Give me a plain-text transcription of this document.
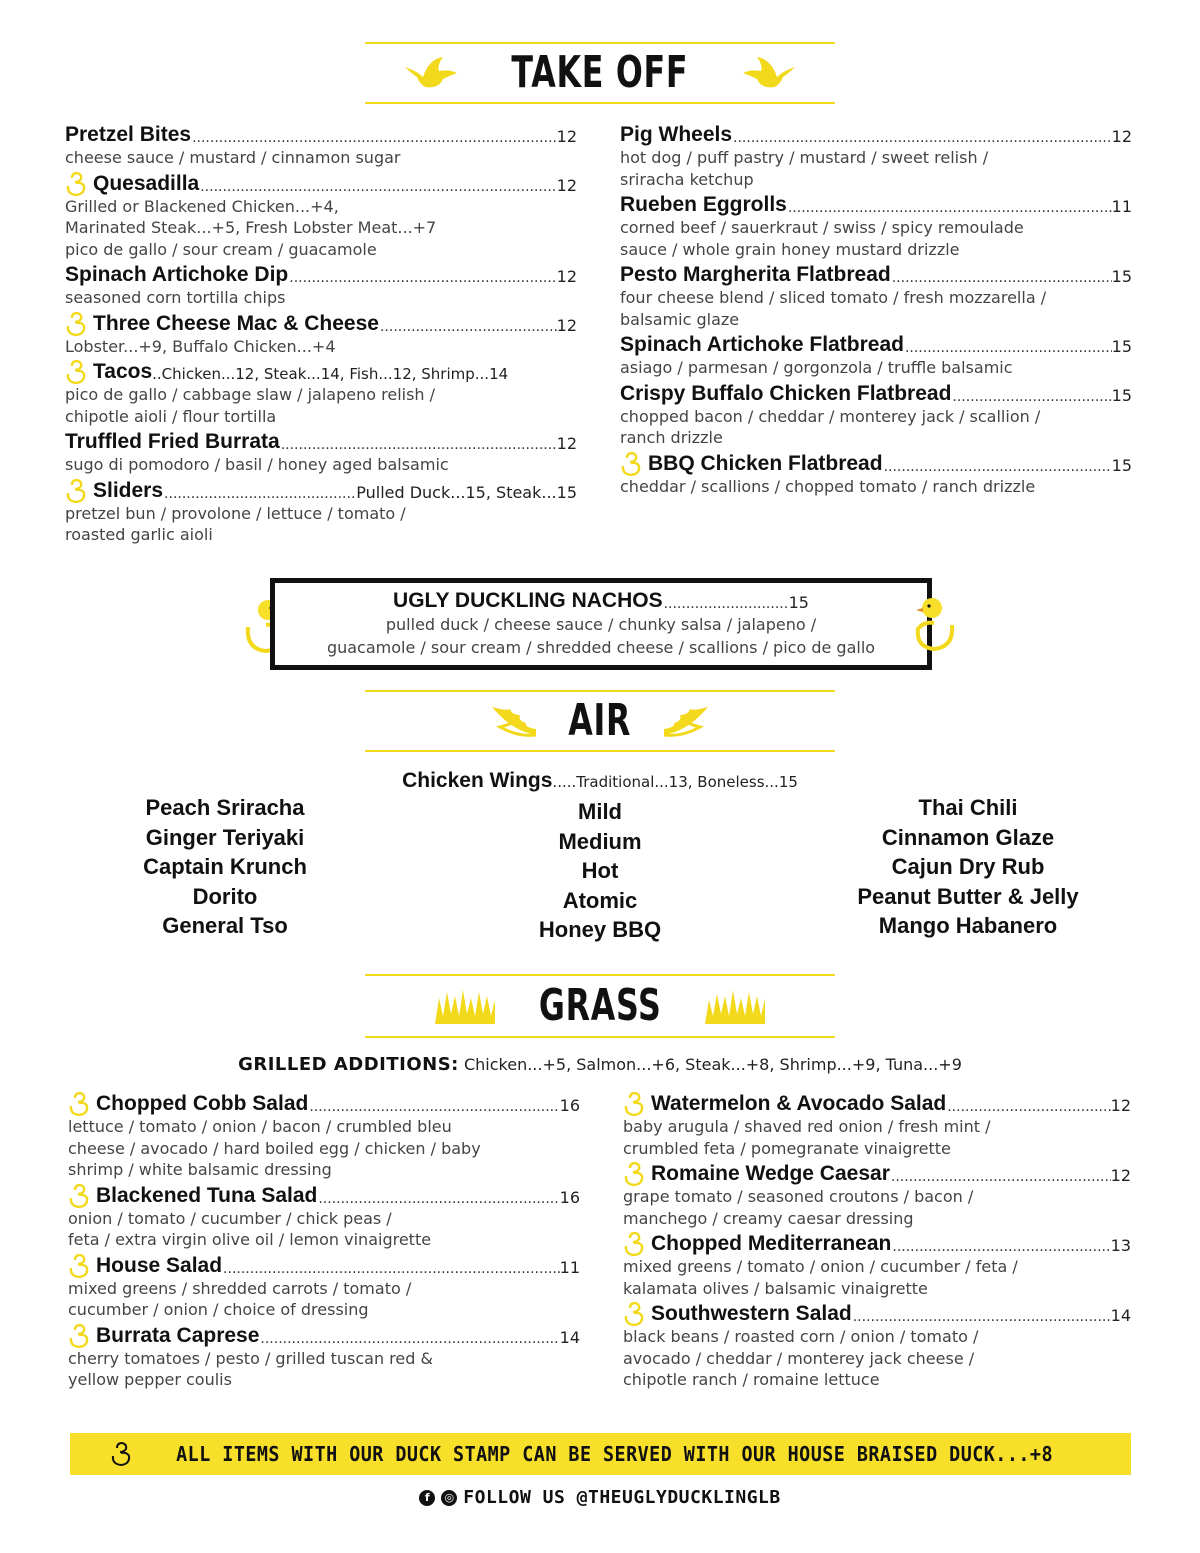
TAKE OFF
Pretzel Bites .....	12
cheese sauce / mustard / cinnamon sugar
Quesadilla .....	12
Grilled or Blackened Chicken...+4,
Marinated Steak...+5, Fresh Lobster Meat...+7
pico de gallo / sour cream / guacamole
Spinach Artichoke Dip .....	12
seasoned corn tortilla chips
Three Cheese Mac & Cheese .....	12
Lobster...+9, Buffalo Chicken...+4
Tacos ..Chicken...12, Steak...14, Fish...12, Shrimp...14
pico de gallo / cabbage slaw / jalapeno relish /
chipotle aioli / flour tortilla
Truffled Fried Burrata .....	12
sugo di pomodoro / basil / honey aged balsamic
Sliders .....	Pulled Duck...15, Steak...15
pretzel bun / provolone / lettuce / tomato /
roasted garlic aioli
Pig Wheels .....	12
hot dog / puff pastry / mustard / sweet relish /
sriracha ketchup
Rueben Eggrolls .....	11
corned beef / sauerkraut / swiss / spicy remoulade
sauce / whole grain honey mustard drizzle
Pesto Margherita Flatbread .....	15
four cheese blend / sliced tomato / fresh mozzarella /
balsamic glaze
Spinach Artichoke Flatbread .....	15
asiago / parmesan / gorgonzola / truffle balsamic
Crispy Buffalo Chicken Flatbread .....	15
chopped bacon / cheddar / monterey jack / scallion /
ranch drizzle
BBQ Chicken Flatbread .....	15
cheddar / scallions / chopped tomato / ranch drizzle
UGLY DUCKLING NACHOS .....	15
pulled duck / cheese sauce / chunky salsa / jalapeno /
guacamole / sour cream / shredded cheese / scallions / pico de gallo
AIR
Chicken Wings.....Traditional...13, Boneless...15
Peach Sriracha
Ginger Teriyaki
Captain Krunch
Dorito
General Tso
Mild
Medium
Hot
Atomic
Honey BBQ
Thai Chili
Cinnamon Glaze
Cajun Dry Rub
Peanut Butter & Jelly
Mango Habanero
GRASS
GRILLED ADDITIONS: Chicken...+5, Salmon...+6, Steak...+8, Shrimp...+9, Tuna...+9
Chopped Cobb Salad .....	16
lettuce / tomato / onion / bacon / crumbled bleu
cheese / avocado / hard boiled egg / chicken / baby
shrimp / white balsamic dressing
Blackened Tuna Salad .....	16
onion / tomato / cucumber / chick peas /
feta / extra virgin olive oil / lemon vinaigrette
House Salad .....	11
mixed greens / shredded carrots / tomato /
cucumber / onion / choice of dressing
Burrata Caprese .....	14
cherry tomatoes / pesto / grilled tuscan red &
yellow pepper coulis
Watermelon & Avocado Salad .....	12
baby arugula / shaved red onion / fresh mint /
crumbled feta / pomegranate vinaigrette
Romaine Wedge Caesar .....	12
grape tomato / seasoned croutons / bacon /
manchego / creamy caesar dressing
Chopped Mediterranean .....	13
mixed greens / tomato / onion / cucumber / feta /
kalamata olives / balsamic vinaigrette
Southwestern Salad .....	14
black beans / roasted corn / onion / tomato /
avocado / cheddar / monterey jack cheese /
chipotle ranch / romaine lettuce
ALL ITEMS WITH OUR DUCK STAMP CAN BE SERVED WITH OUR HOUSE BRAISED DUCK...+8
f	◎ FOLLOW US @THEUGLYDUCKLINGLB
